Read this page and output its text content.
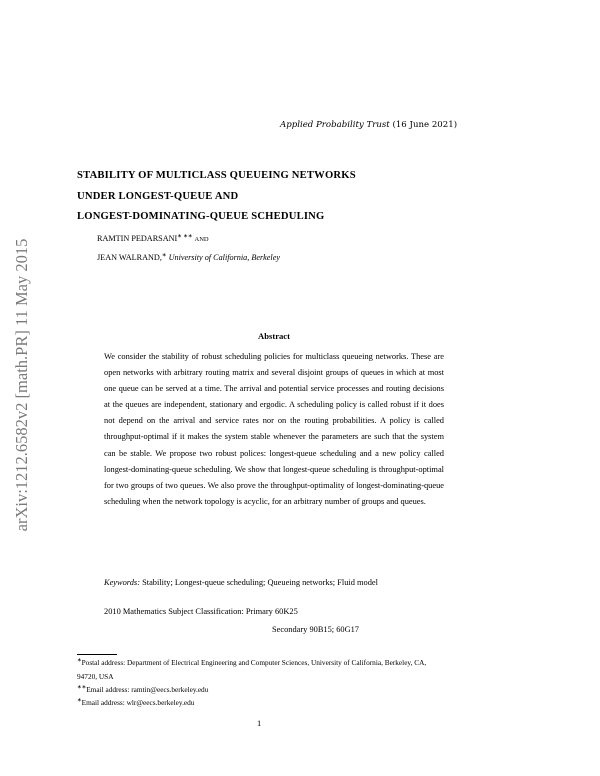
arXiv:1212.6582v2 [math.PR] 11 May 2015
Applied Probability Trust (16 June 2021)
STABILITY OF MULTICLASS QUEUEING NETWORKS
UNDER LONGEST-QUEUE AND
LONGEST-DOMINATING-QUEUE SCHEDULING
RAMTIN PEDARSANI∗ ∗∗ AND
JEAN WALRAND,∗ University of California, Berkeley
Abstract

We consider the stability of robust scheduling policies for multiclass queueing networks. These are open networks with arbitrary routing matrix and several disjoint groups of queues in which at most one queue can be served at a time. The arrival and potential service processes and routing decisions at the queues are independent, stationary and ergodic. A scheduling policy is called robust if it does not depend on the arrival and service rates nor on the routing probabilities. A policy is called throughput-optimal if it makes the system stable whenever the parameters are such that the system can be stable. We propose two robust polices: longest-queue scheduling and a new policy called longest-dominating-queue scheduling. We show that longest-queue scheduling is throughput-optimal for two groups of two queues. We also prove the throughput-optimality of longest-dominating-queue scheduling when the network topology is acyclic, for an arbitrary number of groups and queues.

Keywords: Stability; Longest-queue scheduling; Queueing networks; Fluid model
2010 Mathematics Subject Classification: Primary 60K25
Secondary 90B15; 60G17
∗Postal address: Department of Electrical Engineering and Computer Sciences, University of California, Berkeley, CA, 94720, USA
∗∗Email address: ramtin@eecs.berkeley.edu
∗Email address: wlr@eecs.berkeley.edu
1
